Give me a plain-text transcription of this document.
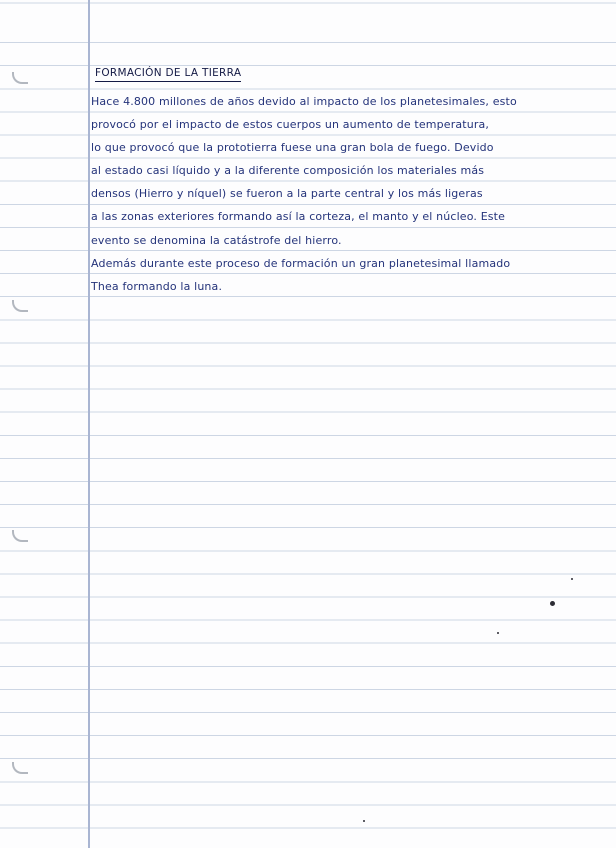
FORMACIÓN DE LA TIERRA
Hace 4.800 millones de años devido al impacto de los planetesimales, esto
provocó por el impacto de estos cuerpos un aumento de temperatura,
lo que provocó que la prototierra fuese una gran bola de fuego. Devido
al estado casi líquido y a la diferente composición los materiales más
densos (Hierro y níquel) se fueron a la parte central y los más ligeras
a las zonas exteriores formando así la corteza, el manto y el núcleo. Este
evento se denomina la catástrofe del hierro.
Además durante este proceso de formación un gran planetesimal llamado
Thea formando la luna.
